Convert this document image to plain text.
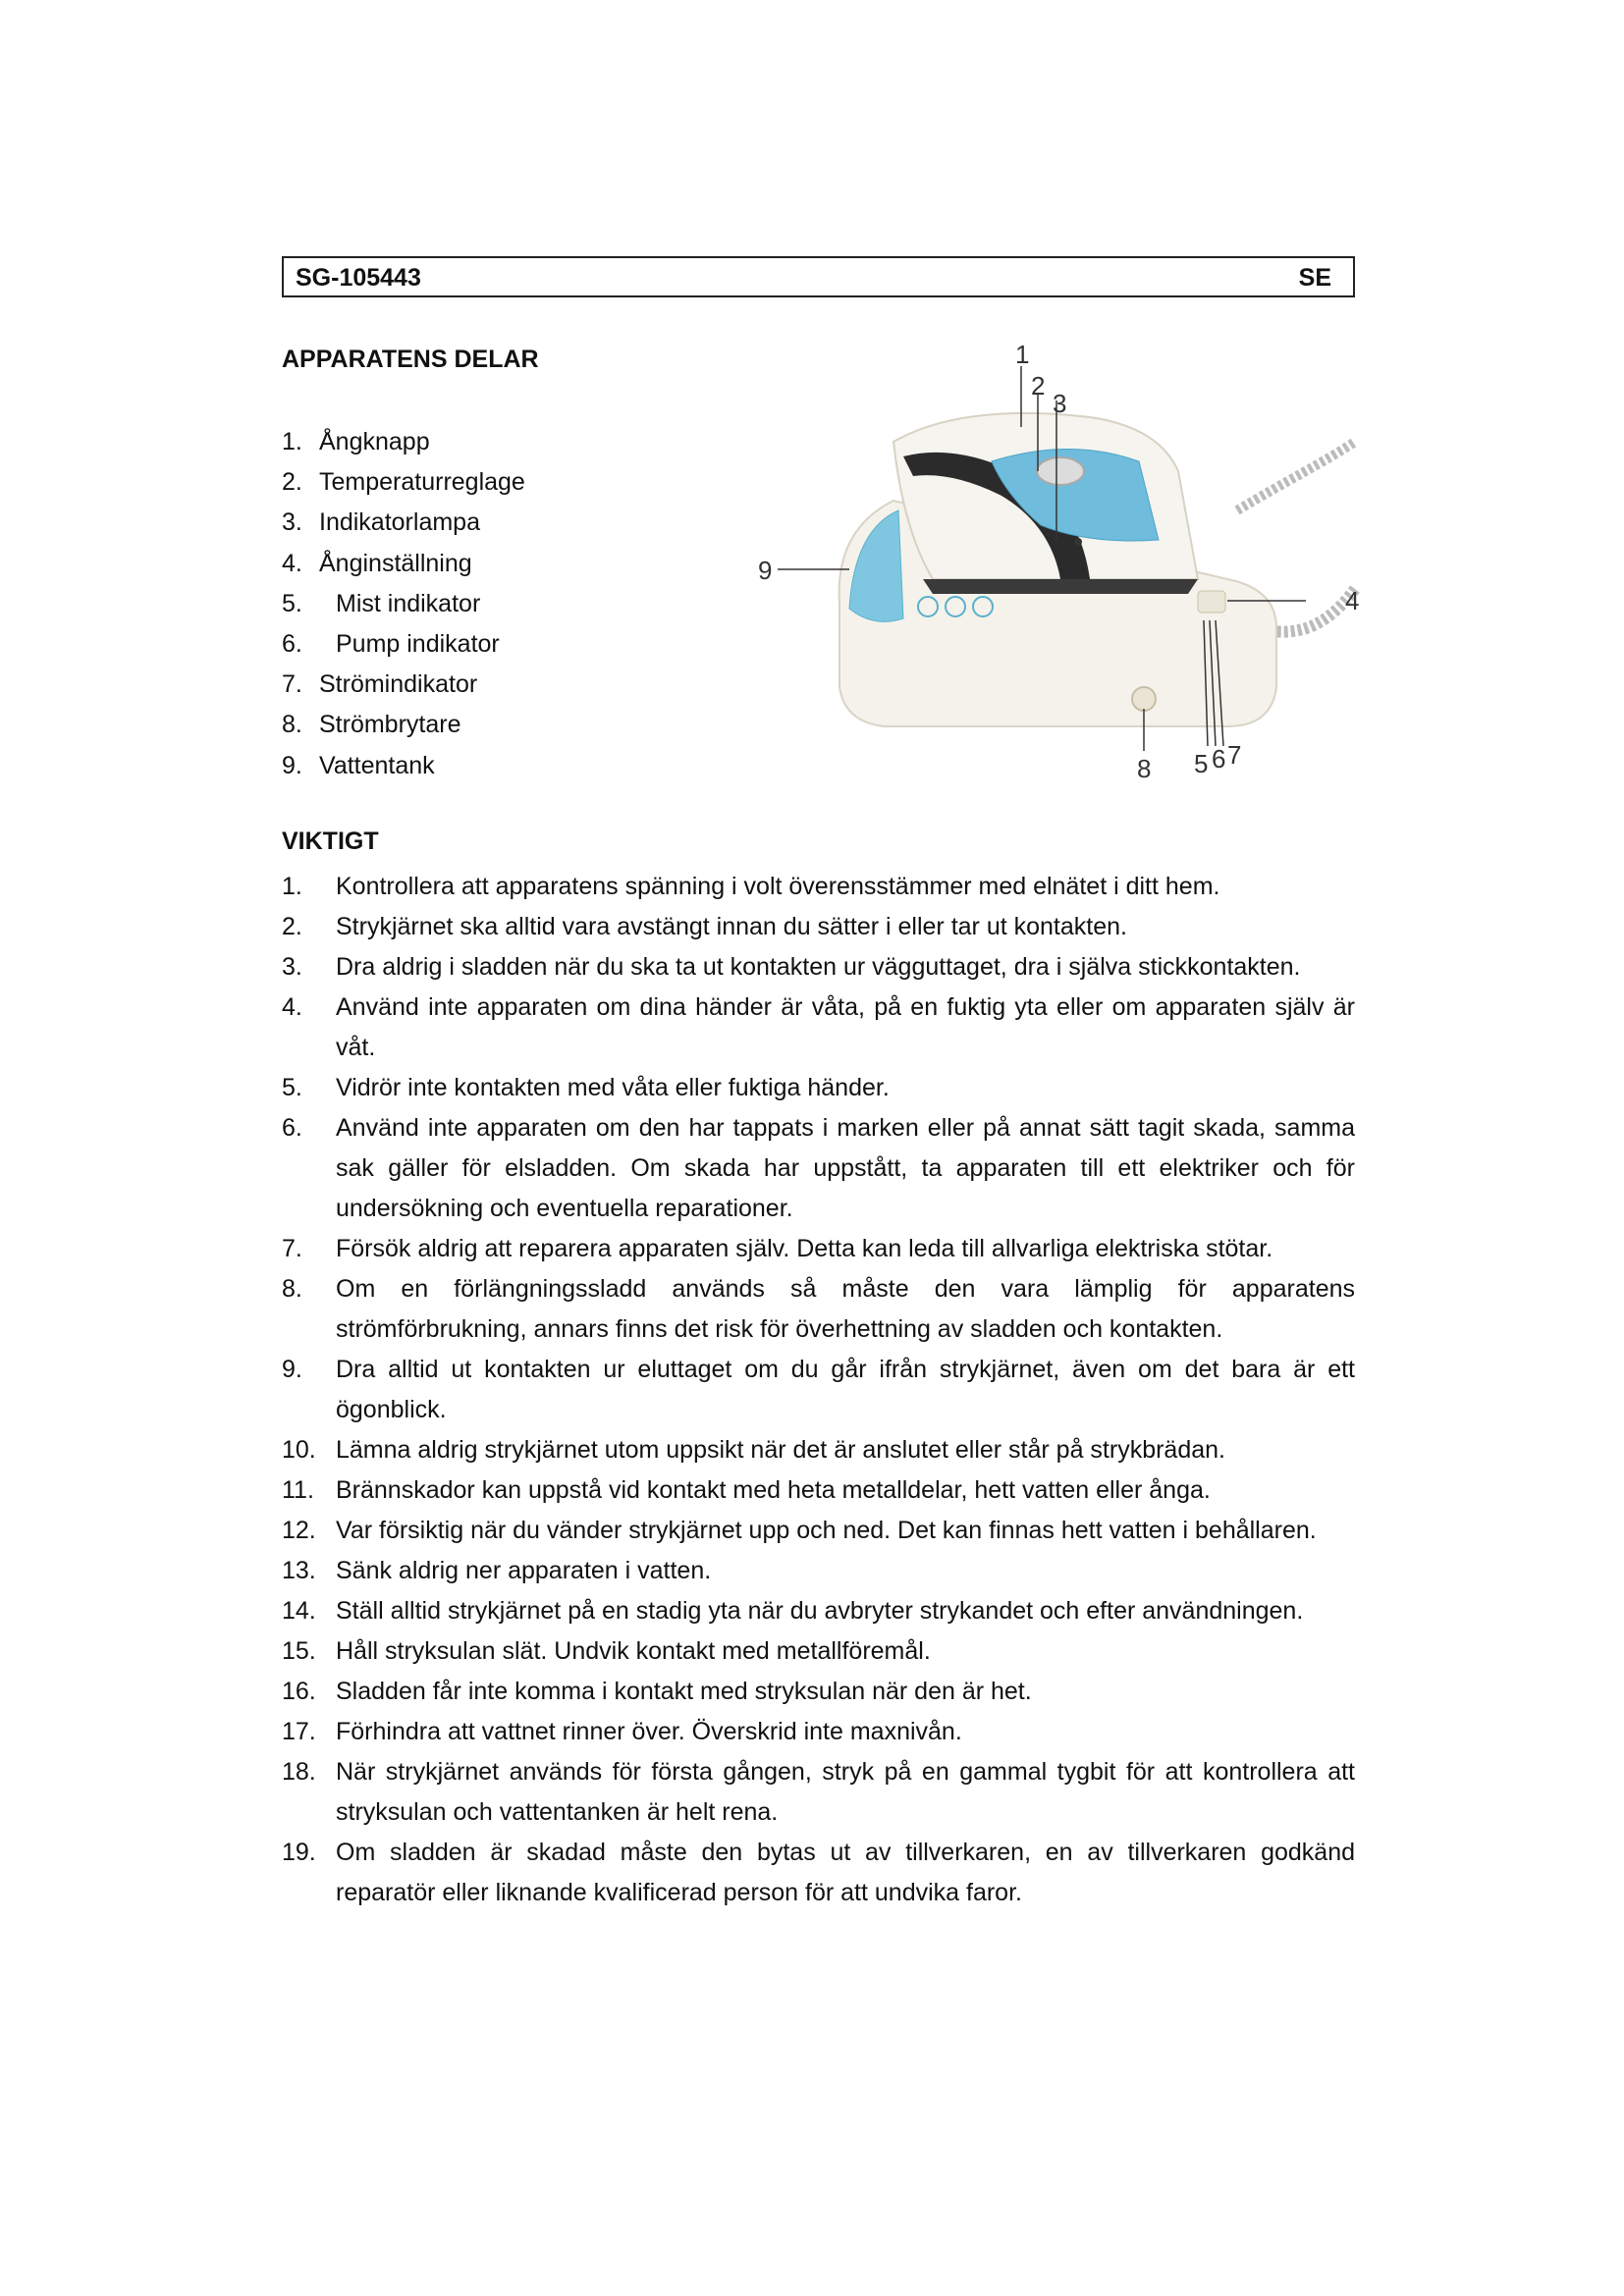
SG-105443	SE
APPARATENS DELAR
1. Ångknapp
2. Temperaturreglage
3. Indikatorlampa
4. Ånginställning
5. Mist indikator
6. Pump indikator
7. Strömindikator
8. Strömbrytare
9. Vattentank
1
2
3
4
5 6 7
8
9
VIKTIGT
1. Kontrollera att apparatens spänning i volt överensstämmer med elnätet i ditt hem.
2. Strykjärnet ska alltid vara avstängt innan du sätter i eller tar ut kontakten.
3. Dra aldrig i sladden när du ska ta ut kontakten ur vägguttaget, dra i själva stickkontakten.
4. Använd inte apparaten om dina händer är våta, på en fuktig yta eller om apparaten själv är våt.
5. Vidrör inte kontakten med våta eller fuktiga händer.
6. Använd inte apparaten om den har tappats i marken eller på annat sätt tagit skada, samma sak gäller för elsladden. Om skada har uppstått, ta apparaten till ett elektriker och för undersökning och eventuella reparationer.
7. Försök aldrig att reparera apparaten själv. Detta kan leda till allvarliga elektriska stötar.
8. Om en förlängningssladd används så måste den vara lämplig för apparatens strömförbrukning, annars finns det risk för överhettning av sladden och kontakten.
9. Dra alltid ut kontakten ur eluttaget om du går ifrån strykjärnet, även om det bara är ett ögonblick.
10. Lämna aldrig strykjärnet utom uppsikt när det är anslutet eller står på strykbrädan.
11. Brännskador kan uppstå vid kontakt med heta metalldelar, hett vatten eller ånga.
12. Var försiktig när du vänder strykjärnet upp och ned. Det kan finnas hett vatten i behållaren.
13. Sänk aldrig ner apparaten i vatten.
14. Ställ alltid strykjärnet på en stadig yta när du avbryter strykandet och efter användningen.
15. Håll stryksulan slät. Undvik kontakt med metallföremål.
16. Sladden får inte komma i kontakt med stryksulan när den är het.
17. Förhindra att vattnet rinner över. Överskrid inte maxnivån.
18. När strykjärnet används för första gången, stryk på en gammal tygbit för att kontrollera att stryksulan och vattentanken är helt rena.
19. Om sladden är skadad måste den bytas ut av tillverkaren, en av tillverkaren godkänd reparatör eller liknande kvalificerad person för att undvika faror.
